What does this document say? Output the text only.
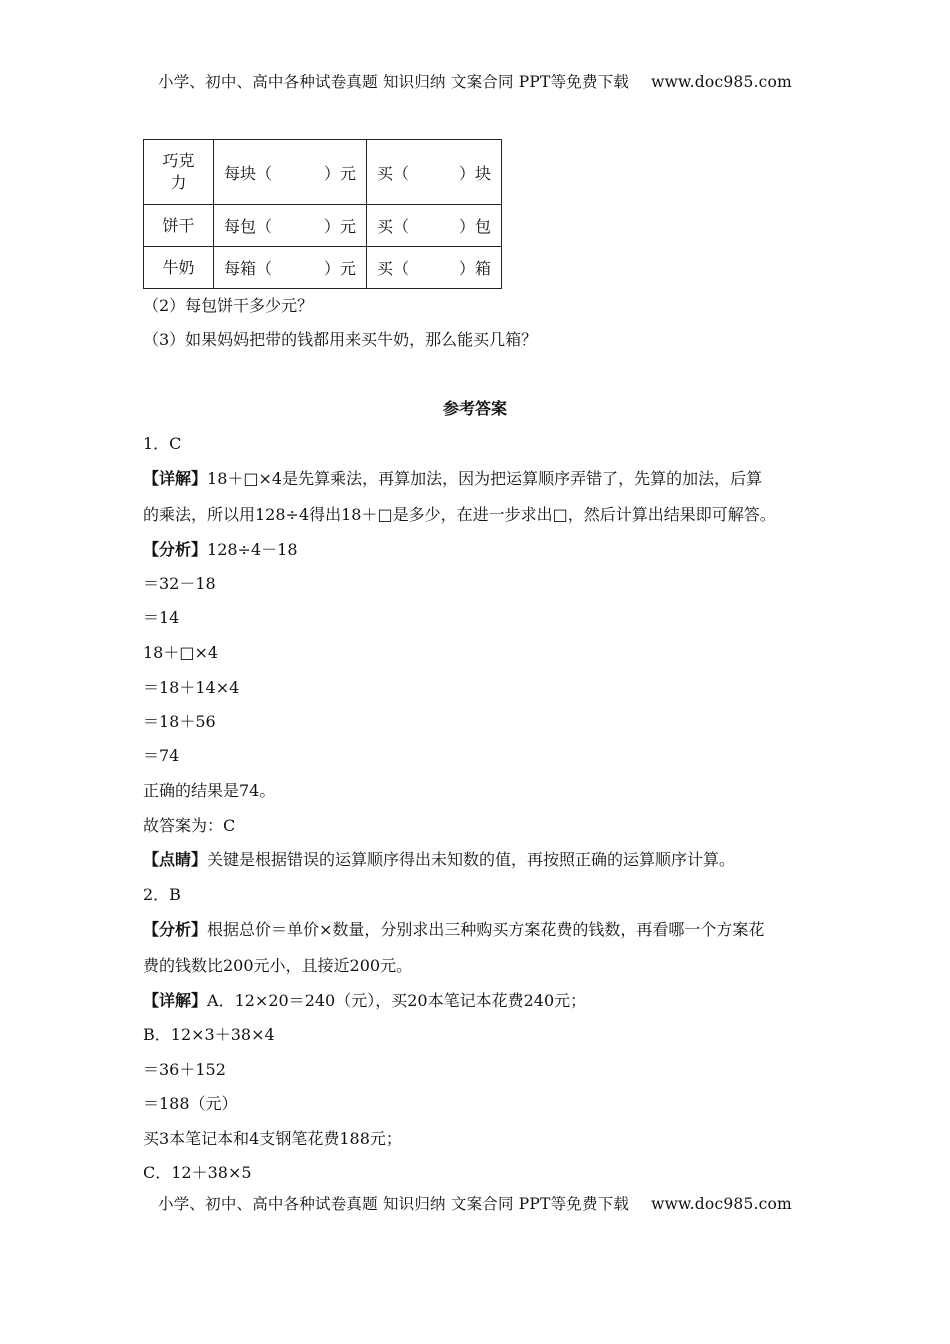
小学、初中、高中各种试卷真题 知识归纳 文案合同 PPT等免费下载 www.doc985.com
巧克力	每块（ ）元	买（ ）块

饼干	每包（ ）元	买（ ）包

牛奶	每箱（ ）元	买（ ）箱
（2）每包饼干多少元？
（3）如果妈妈把带的钱都用来买牛奶，那么能买几箱？
参考答案
1．C
【详解】18＋□×4是先算乘法，再算加法，因为把运算顺序弄错了，先算的加法，后算
的乘法，所以用128÷4得出18＋□是多少，在进一步求出□，然后计算出结果即可解答。
【分析】128÷4－18
＝32－18
＝14
18＋□×4
＝18＋14×4
＝18＋56
＝74
正确的结果是74。
故答案为：C
【点睛】关键是根据错误的运算顺序得出未知数的值，再按照正确的运算顺序计算。
2．B
【分析】根据总价＝单价×数量，分别求出三种购买方案花费的钱数，再看哪一个方案花
费的钱数比200元小，且接近200元。
【详解】A．12×20＝240（元），买20本笔记本花费240元；
B．12×3＋38×4
＝36＋152
＝188（元）
买3本笔记本和4支钢笔花费188元；
C．12＋38×5
小学、初中、高中各种试卷真题 知识归纳 文案合同 PPT等免费下载 www.doc985.com
